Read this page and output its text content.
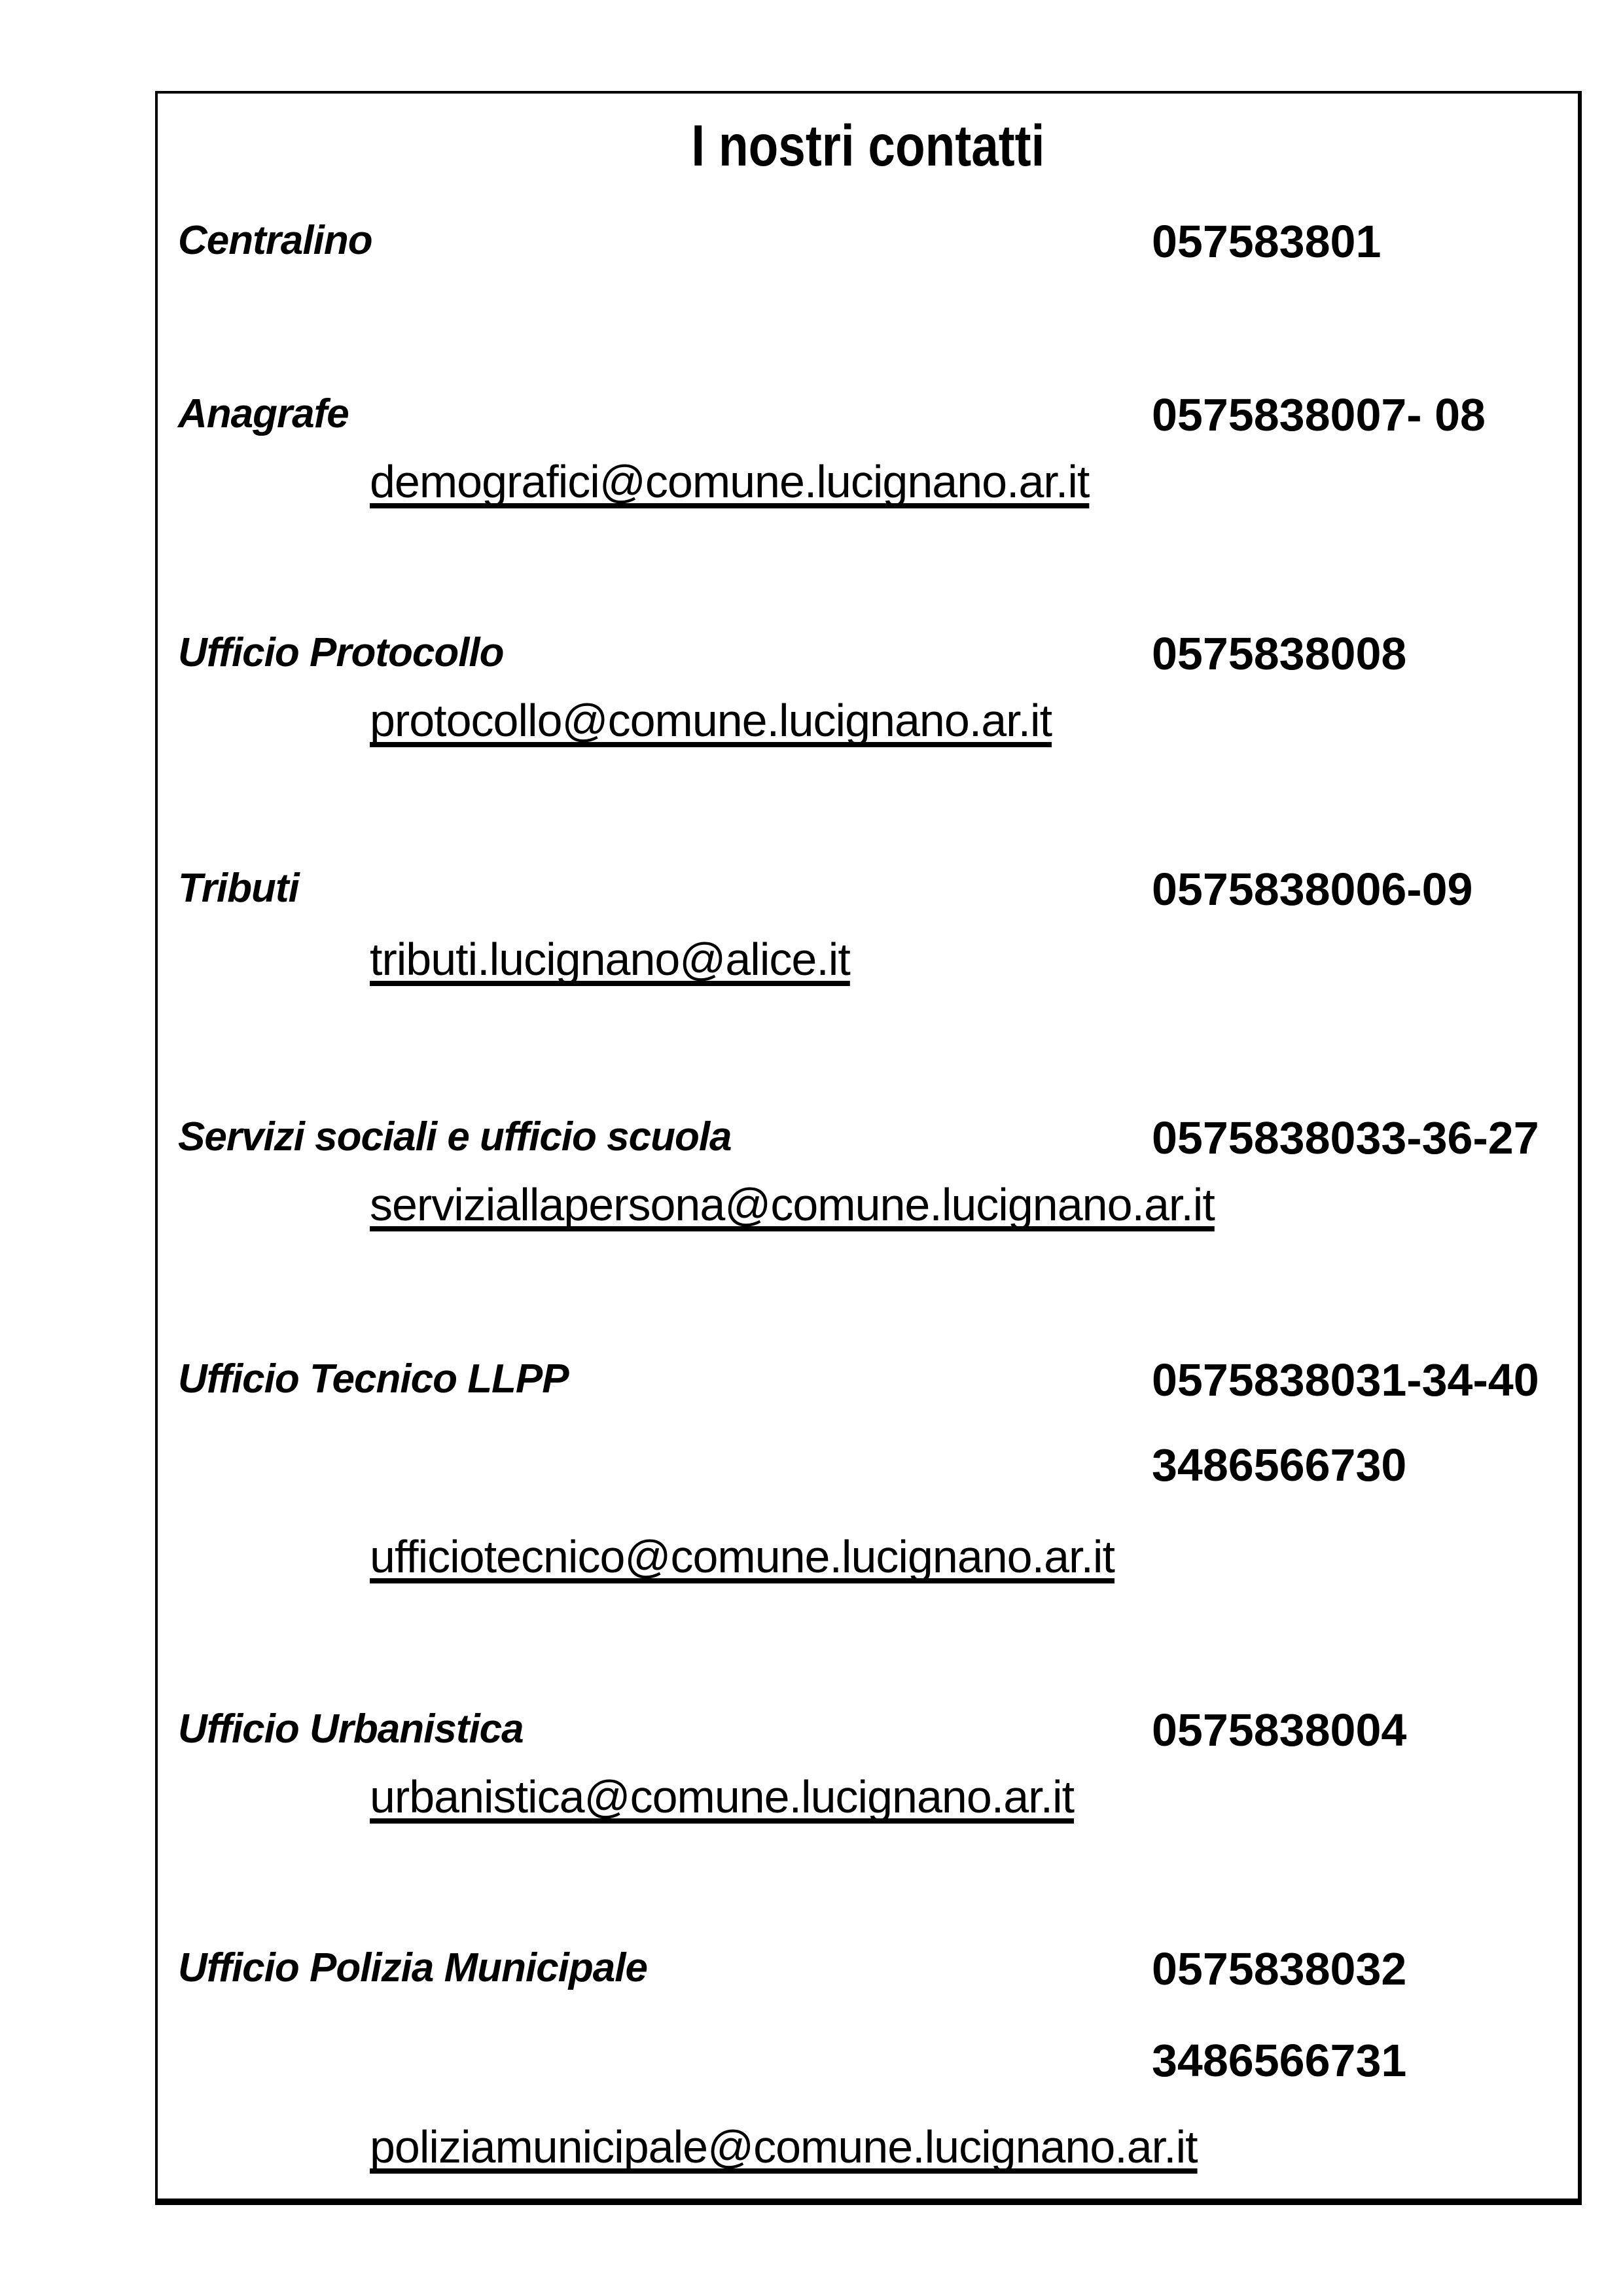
I nostri contatti
Centralino	057583801
Anagrafe	0575838007- 08
demografici@comune.lucignano.ar.it
Ufficio Protocollo	0575838008
protocollo@comune.lucignano.ar.it
Tributi	0575838006-09
tributi.lucignano@alice.it
Servizi sociali e ufficio scuola	0575838033-36-27
serviziallapersona@comune.lucignano.ar.it
Ufficio Tecnico LLPP	0575838031-34-40
3486566730
ufficiotecnico@comune.lucignano.ar.it
Ufficio Urbanistica	0575838004
urbanistica@comune.lucignano.ar.it
Ufficio Polizia Municipale	0575838032
3486566731
poliziamunicipale@comune.lucignano.ar.it
